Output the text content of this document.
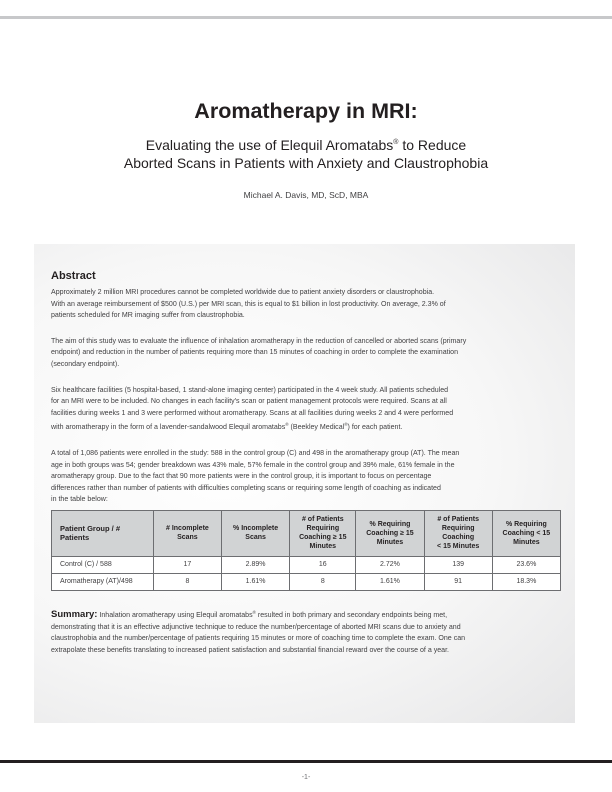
Aromatherapy in MRI:
Evaluating the use of Elequil Aromatabs® to Reduce
Aborted Scans in Patients with Anxiety and Claustrophobia
Michael A. Davis, MD, ScD, MBA
Abstract

Approximately 2 million MRI procedures cannot be completed worldwide due to patient anxiety disorders or claustrophobia.
With an average reimbursement of $500 (U.S.) per MRI scan, this is equal to $1 billion in lost productivity. On average, 2.3% of
patients scheduled for MR imaging suffer from claustrophobia.

The aim of this study was to evaluate the influence of inhalation aromatherapy in the reduction of cancelled or aborted scans (primary
endpoint) and reduction in the number of patients requiring more than 15 minutes of coaching in order to complete the examination
(secondary endpoint).

Six healthcare facilities (5 hospital-based, 1 stand-alone imaging center) participated in the 4 week study. All patients scheduled
for an MRI were to be included. No changes in each facility's scan or patient management protocols were required. Scans at all
facilities during weeks 1 and 3 were performed without aromatherapy. Scans at all facilities during weeks 2 and 4 were performed
with aromatherapy in the form of a lavender-sandalwood Elequil aromatabs® (Beekley Medical®) for each patient.

A total of 1,086 patients were enrolled in the study: 588 in the control group (C) and 498 in the aromatherapy group (AT). The mean
age in both groups was 54; gender breakdown was 43% male, 57% female in the control group and 39% male, 61% female in the
aromatherapy group. Due to the fact that 90 more patients were in the control group, it is important to focus on percentage
differences rather than number of patients with difficulties completing scans or requiring some length of coaching as indicated
in the table below:

Patient Group / #
Patients	# Incomplete
Scans	% Incomplete
Scans	# of Patients
Requiring
Coaching ≥ 15
Minutes	% Requiring
Coaching ≥ 15
Minutes	# of Patients
Requiring
Coaching
< 15 Minutes	% Requiring
Coaching < 15
Minutes
Control (C) / 588	17	2.89%	16	2.72%	139	23.6%
Aromatherapy (AT)/498	8	1.61%	8	1.61%	91	18.3%

Summary: Inhalation aromatherapy using Elequil aromatabs® resulted in both primary and secondary endpoints being met,
demonstrating that it is an effective adjunctive technique to reduce the number/percentage of aborted MRI scans due to anxiety and
claustrophobia and the number/percentage of patients requiring 15 minutes or more of coaching time to complete the exam. One can
extrapolate these benefits translating to increased patient satisfaction and substantial financial reward over the course of a year.

-1-
